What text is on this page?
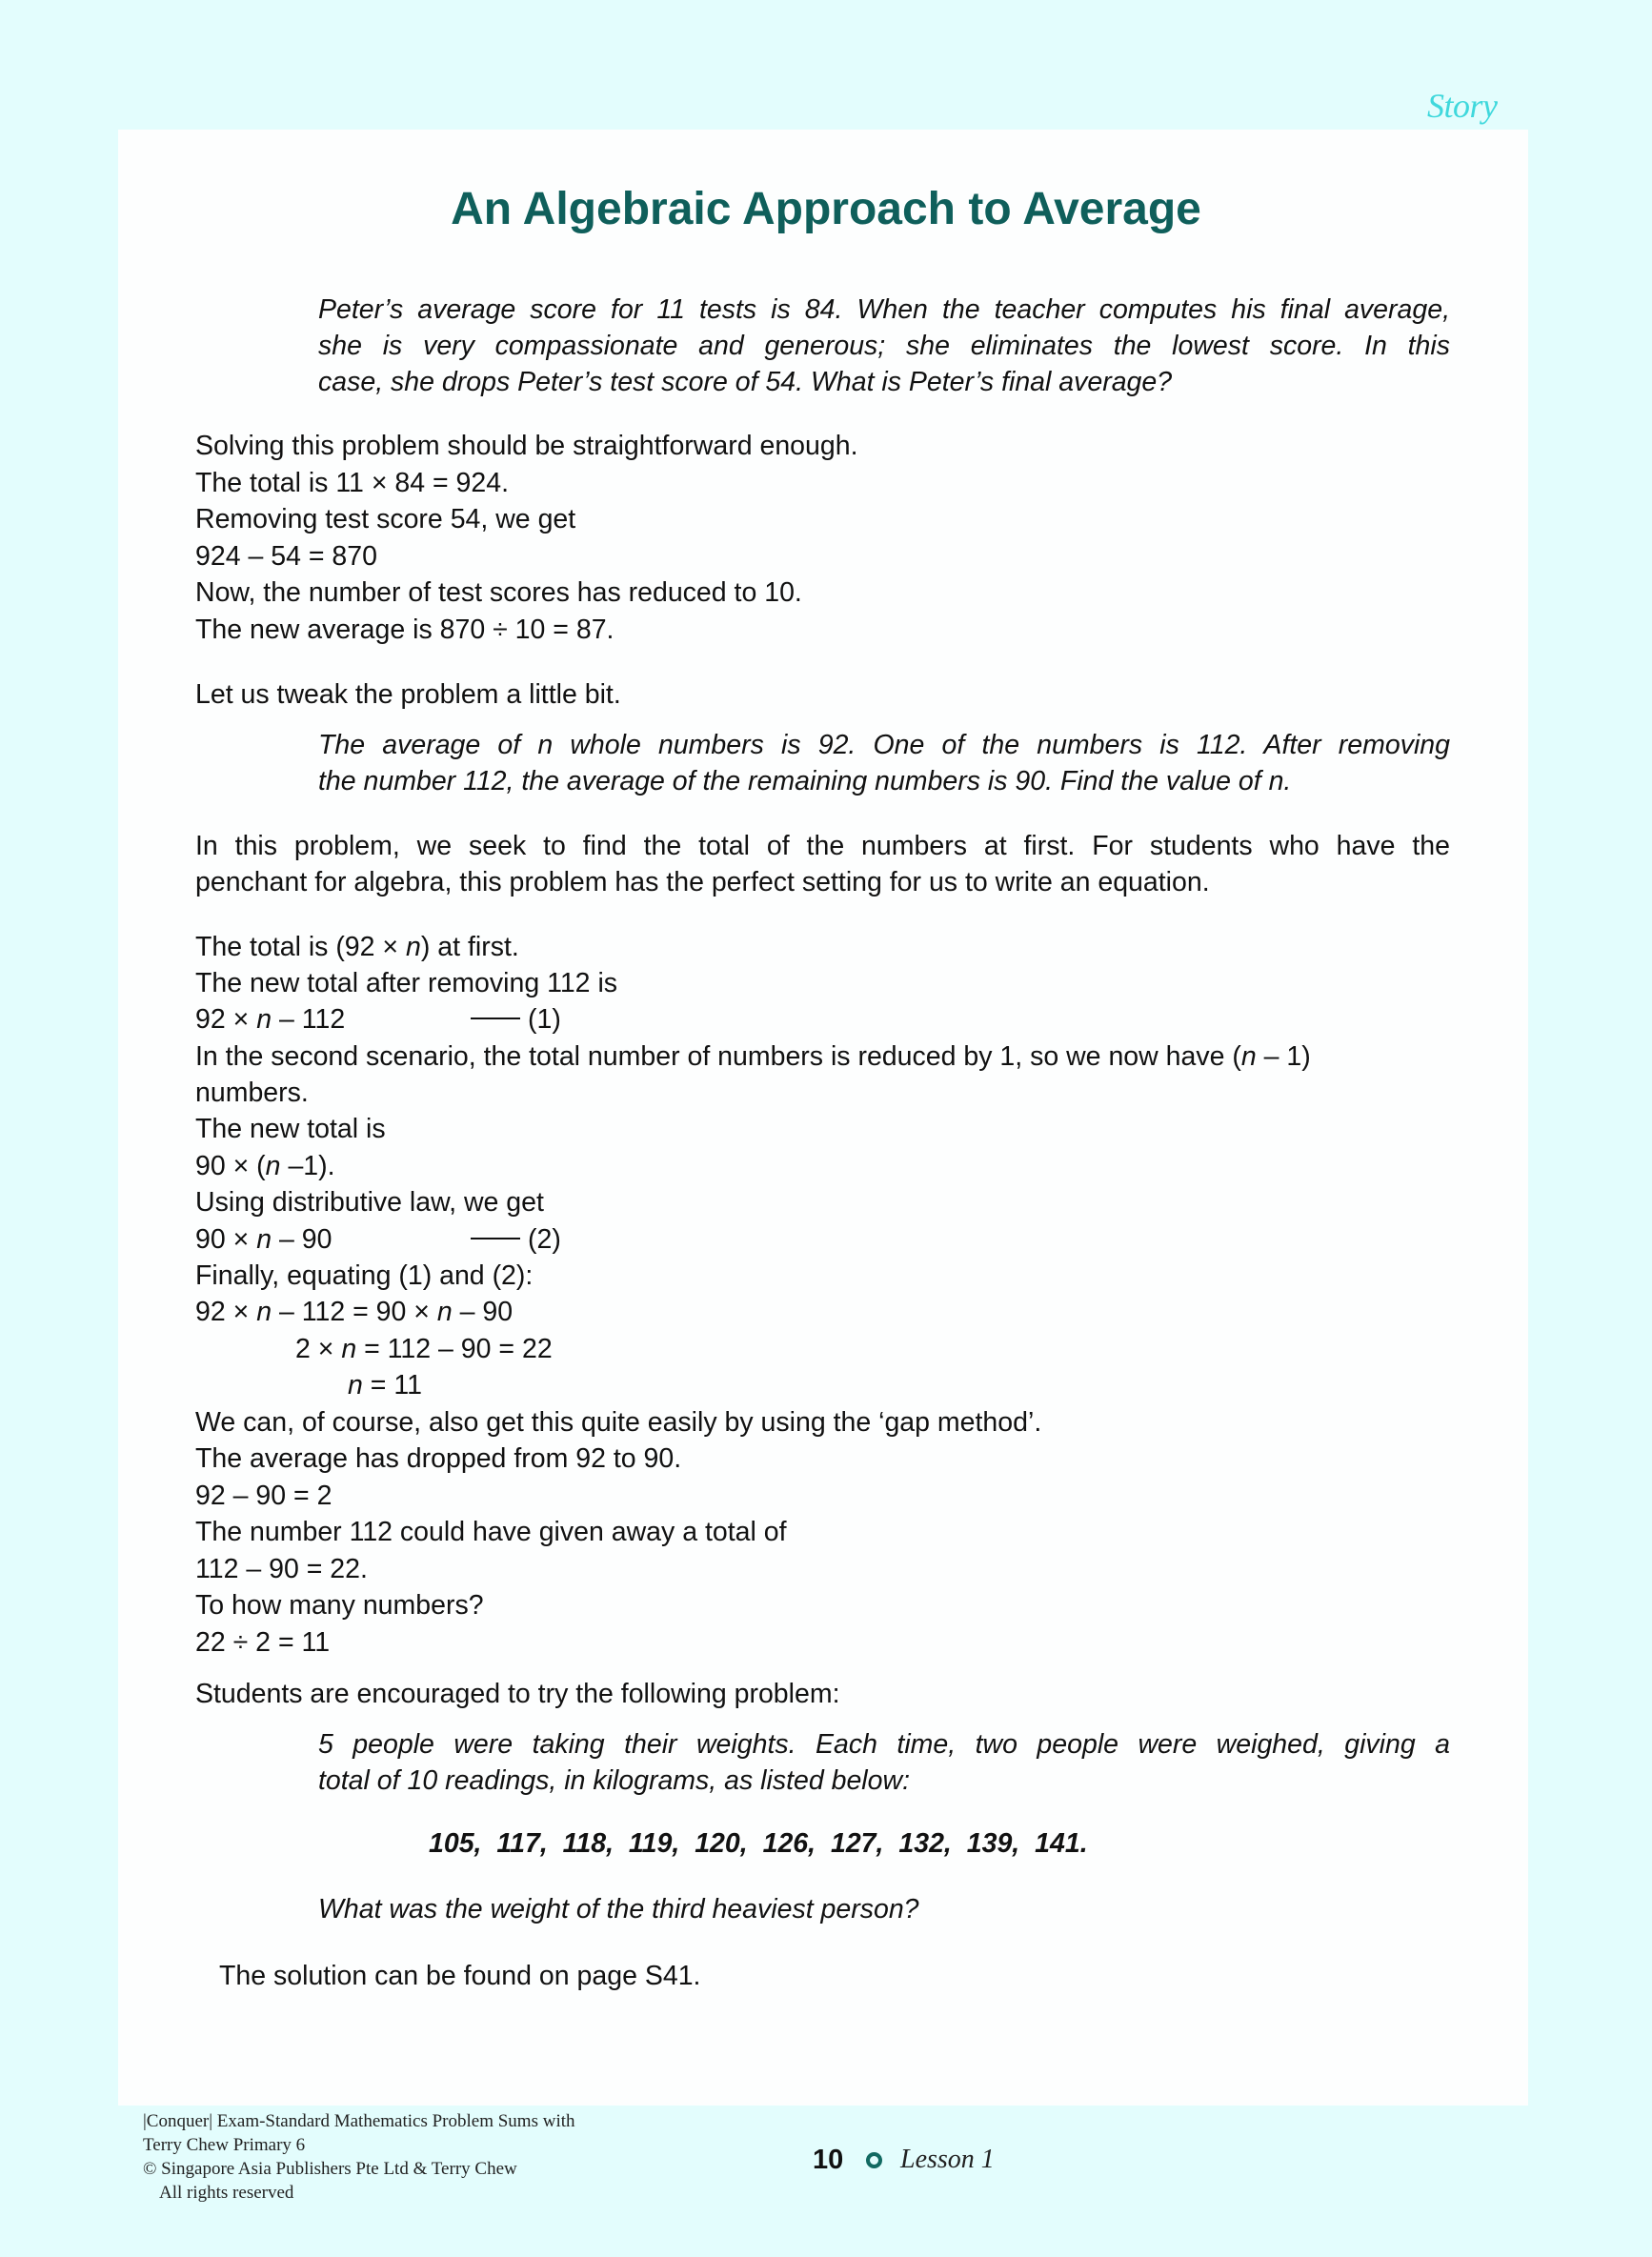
Story
An Algebraic Approach to Average
Peter’s average score for 11 tests is 84. When the teacher computes his final average,
she is very compassionate and generous; she eliminates the lowest score. In this
case, she drops Peter’s test score of 54. What is Peter’s final average?
Solving this problem should be straightforward enough.
The total is 11 × 84 = 924.
Removing test score 54, we get
924 – 54 = 870
Now, the number of test scores has reduced to 10.
The new average is 870 ÷ 10 = 87.
Let us tweak the problem a little bit.
The average of n whole numbers is 92. One of the numbers is 112. After removing
the number 112, the average of the remaining numbers is 90. Find the value of n.
In this problem, we seek to find the total of the numbers at first. For students who have the
penchant for algebra, this problem has the perfect setting for us to write an equation.
The total is (92 × n) at first.
The new total after removing 112 is
92 × n – 112	(1)
In the second scenario, the total number of numbers is reduced by 1, so we now have (n – 1)
numbers.
The new total is
90 × (n –1).
Using distributive law, we get
90 × n – 90	(2)
Finally, equating (1) and (2):
92 × n – 112 = 90 × n – 90
2 × n = 112 – 90 = 22
n = 11
We can, of course, also get this quite easily by using the ‘gap method’.
The average has dropped from 92 to 90.
92 – 90 = 2
The number 112 could have given away a total of
112 – 90 = 22.
To how many numbers?
22 ÷ 2 = 11
Students are encouraged to try the following problem:
5 people were taking their weights. Each time, two people were weighed, giving a
total of 10 readings, in kilograms, as listed below:
105, 117, 118, 119, 120, 126, 127, 132, 139, 141.
What was the weight of the third heaviest person?
The solution can be found on page S41.
|Conquer| Exam-Standard Mathematics Problem Sums with
Terry Chew Primary 6
© Singapore Asia Publishers Pte Ltd & Terry Chew
All rights reserved
10 Lesson 1
